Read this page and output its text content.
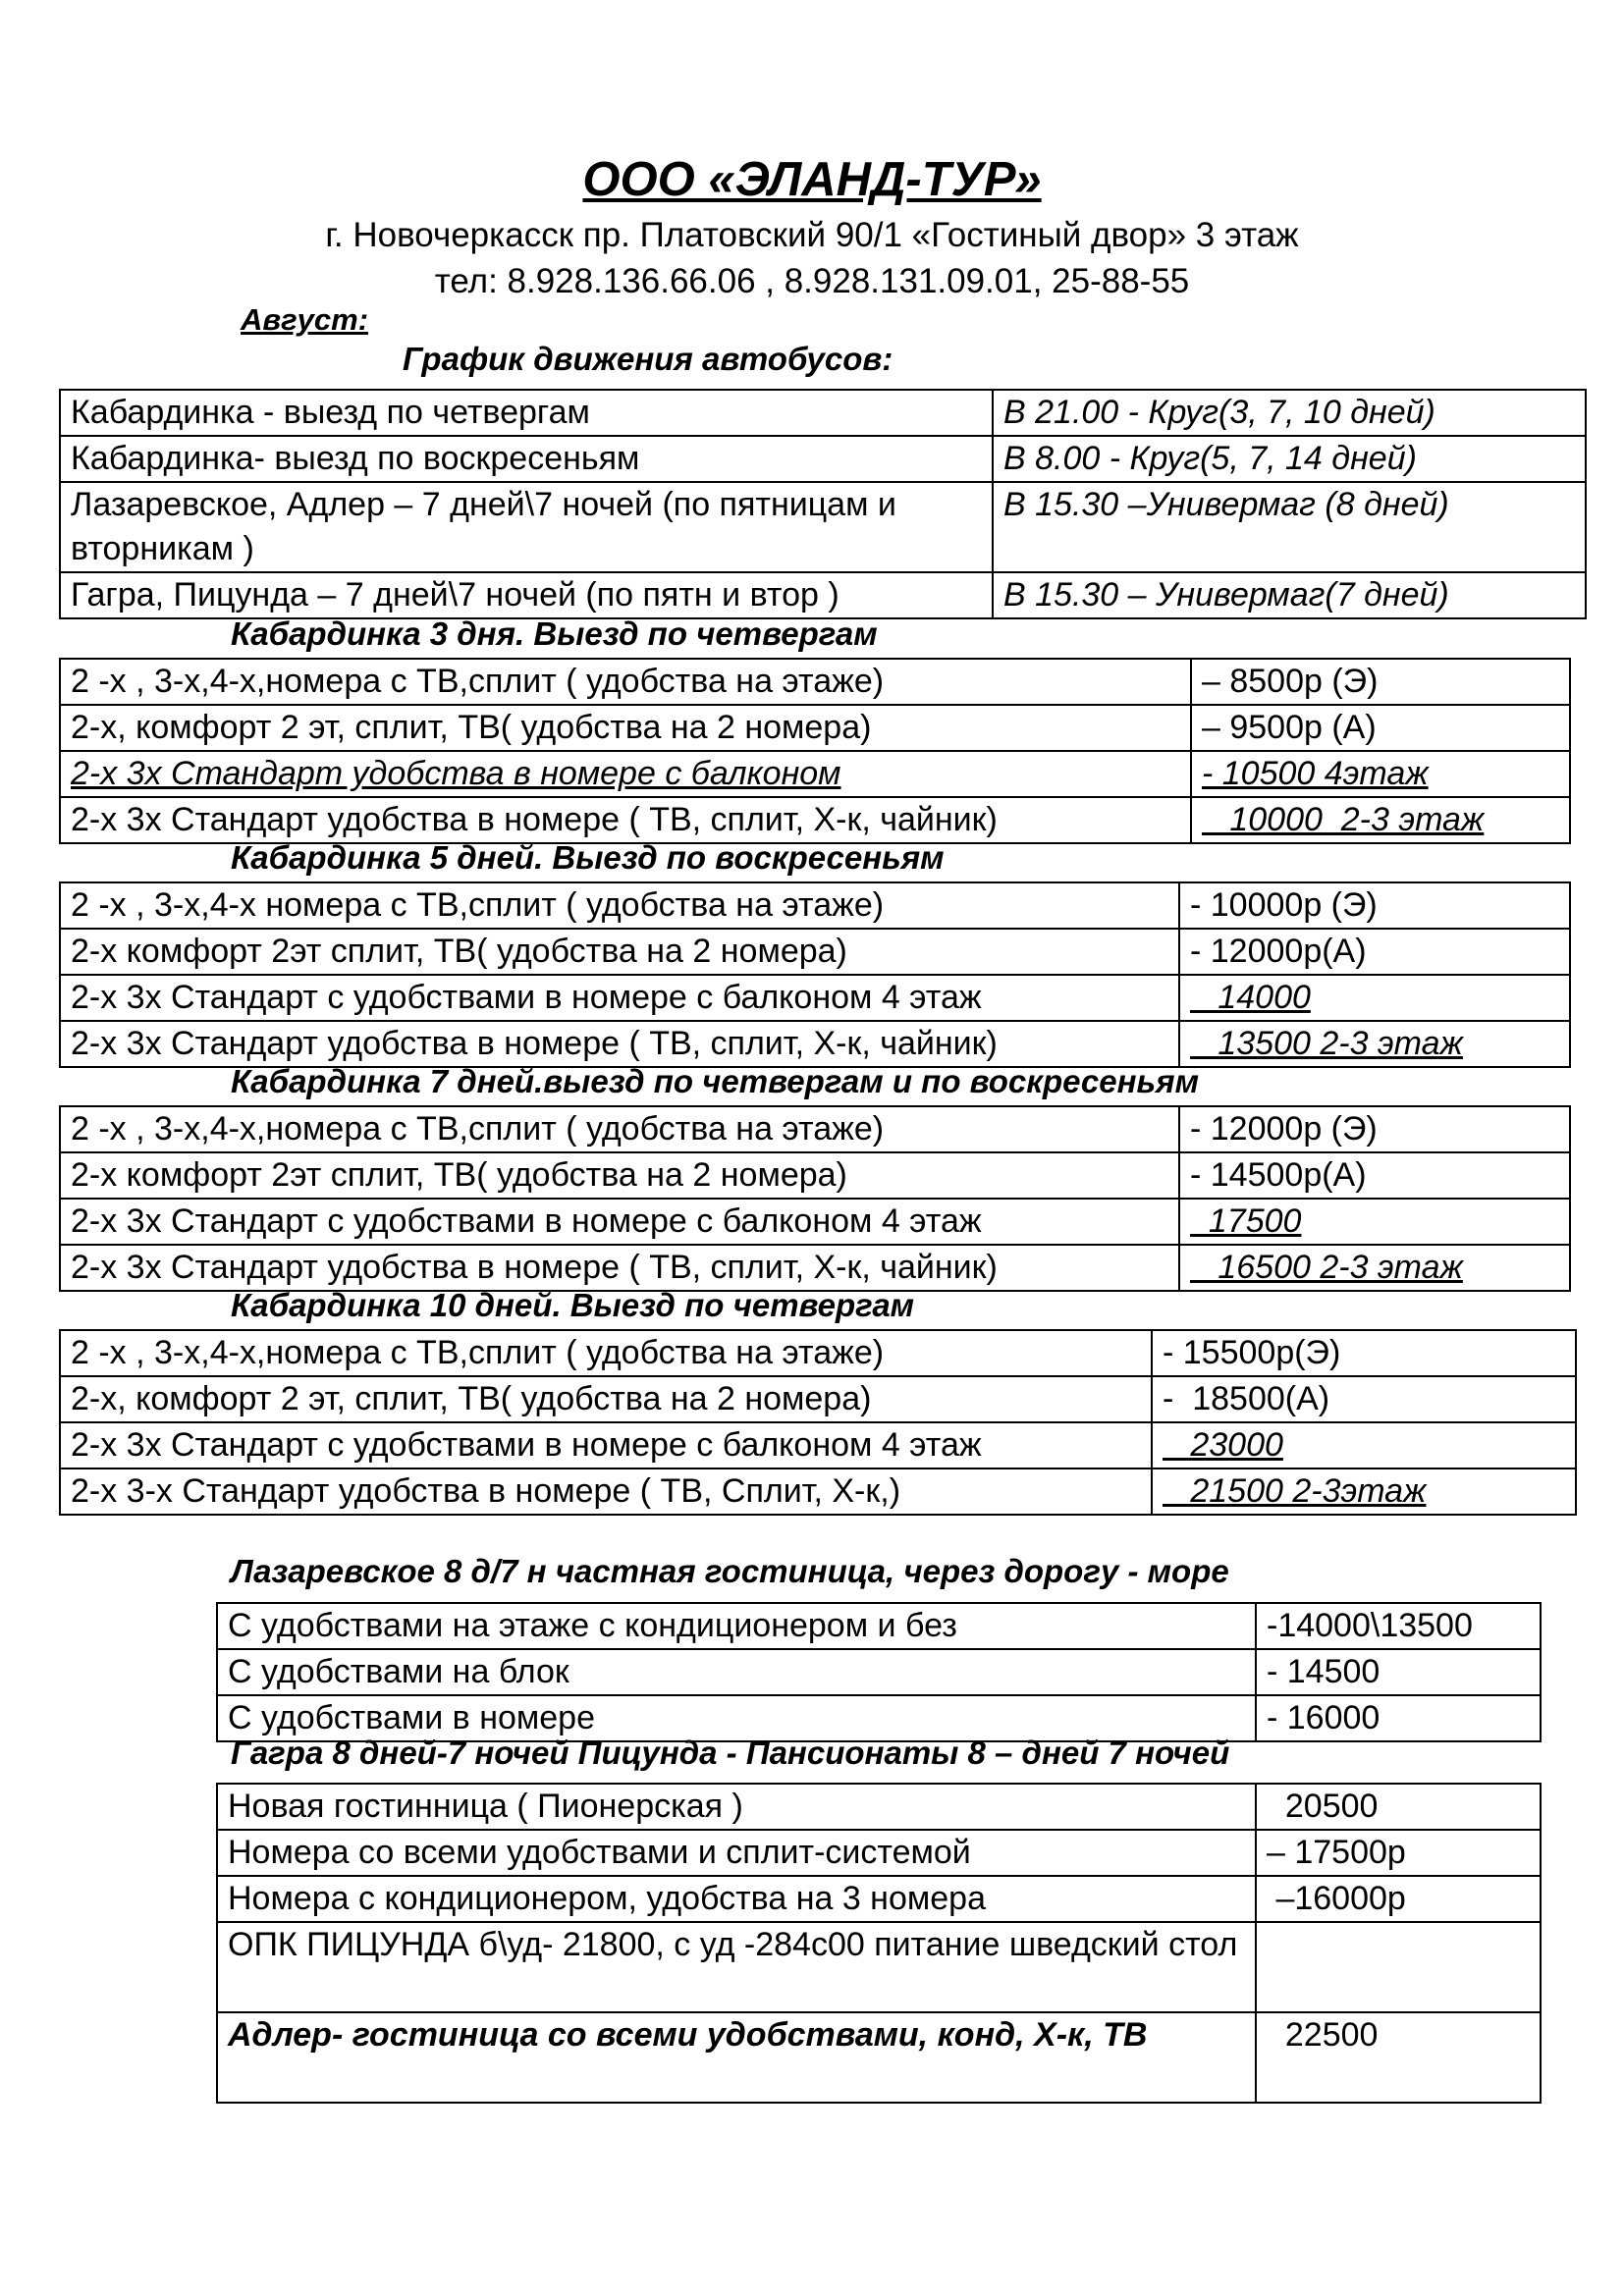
ООО «ЭЛАНД-ТУР»
г. Новочеркасск пр. Платовский 90/1 «Гостиный двор» 3 этаж
тел: 8.928.136.66.06 , 8.928.131.09.01, 25-88-55
Август:
График движения автобусов:
Кабардинка - выезд по четвергам	В 21.00 - Круг(3, 7, 10 дней)
Кабардинка- выезд по воскресеньям	В 8.00 - Круг(5, 7, 14 дней)
Лазаревское, Адлер – 7 дней\7 ночей (по пятницам и вторникам )	В 15.30 –Универмаг (8 дней)
Гагра, Пицунда – 7 дней\7 ночей (по пятн и втор )	В 15.30 – Универмаг(7 дней)
Кабардинка 3 дня. Выезд по четвергам
2 -х , 3-х,4-х,номера с ТВ,сплит ( удобства на этаже)	– 8500р (Э)
2-х, комфорт 2 эт, сплит, ТВ( удобства на 2 номера)	– 9500р (А)
2-х 3х Стандарт удобства в номере с балконом	- 10500 4этаж
2-х 3х Стандарт удобства в номере ( ТВ, сплит, Х-к, чайник)	10000  2-3 этаж
Кабардинка 5 дней. Выезд по воскресеньям
2 -х , 3-х,4-х номера с ТВ,сплит ( удобства на этаже)	- 10000р (Э)
2-х комфорт 2эт сплит, ТВ( удобства на 2 номера)	- 12000р(А)
2-х 3х Стандарт с удобствами в номере с балконом 4 этаж	14000
2-х 3х Стандарт удобства в номере ( ТВ, сплит, Х-к, чайник)	13500 2-3 этаж
Кабардинка 7 дней.выезд по четвергам и по воскресеньям
2 -х , 3-х,4-х,номера с ТВ,сплит ( удобства на этаже)	- 12000р (Э)
2-х комфорт 2эт сплит, ТВ( удобства на 2 номера)	- 14500р(А)
2-х 3х Стандарт с удобствами в номере с балконом 4 этаж	17500
2-х 3х Стандарт удобства в номере ( ТВ, сплит, Х-к, чайник)	16500 2-3 этаж
Кабардинка 10 дней. Выезд по четвергам
2 -х , 3-х,4-х,номера с ТВ,сплит ( удобства на этаже)	- 15500р(Э)
2-х, комфорт 2 эт, сплит, ТВ( удобства на 2 номера)	-  18500(А)
2-х 3х Стандарт с удобствами в номере с балконом 4 этаж	23000
2-х 3-х Стандарт удобства в номере ( ТВ, Сплит, Х-к,)	21500 2-3этаж
Лазаревское 8 д/7 н частная гостиница, через дорогу - море
С удобствами на этаже с кондиционером и без	-14000\13500
С удобствами на блок	- 14500
С удобствами в номере	- 16000
Гагра 8 дней-7 ночей Пицунда - Пансионаты 8 – дней 7 ночей
Новая гостинница ( Пионерская )	20500
Номера со всеми удобствами и сплит-системой	– 17500р
Номера с кондиционером, удобства на 3 номера	–16000р
ОПК ПИЦУНДА б\уд- 21800, с уд -284с00 питание шведский стол	
Адлер- гостиница со всеми удобствами, конд, Х-к, ТВ	22500
